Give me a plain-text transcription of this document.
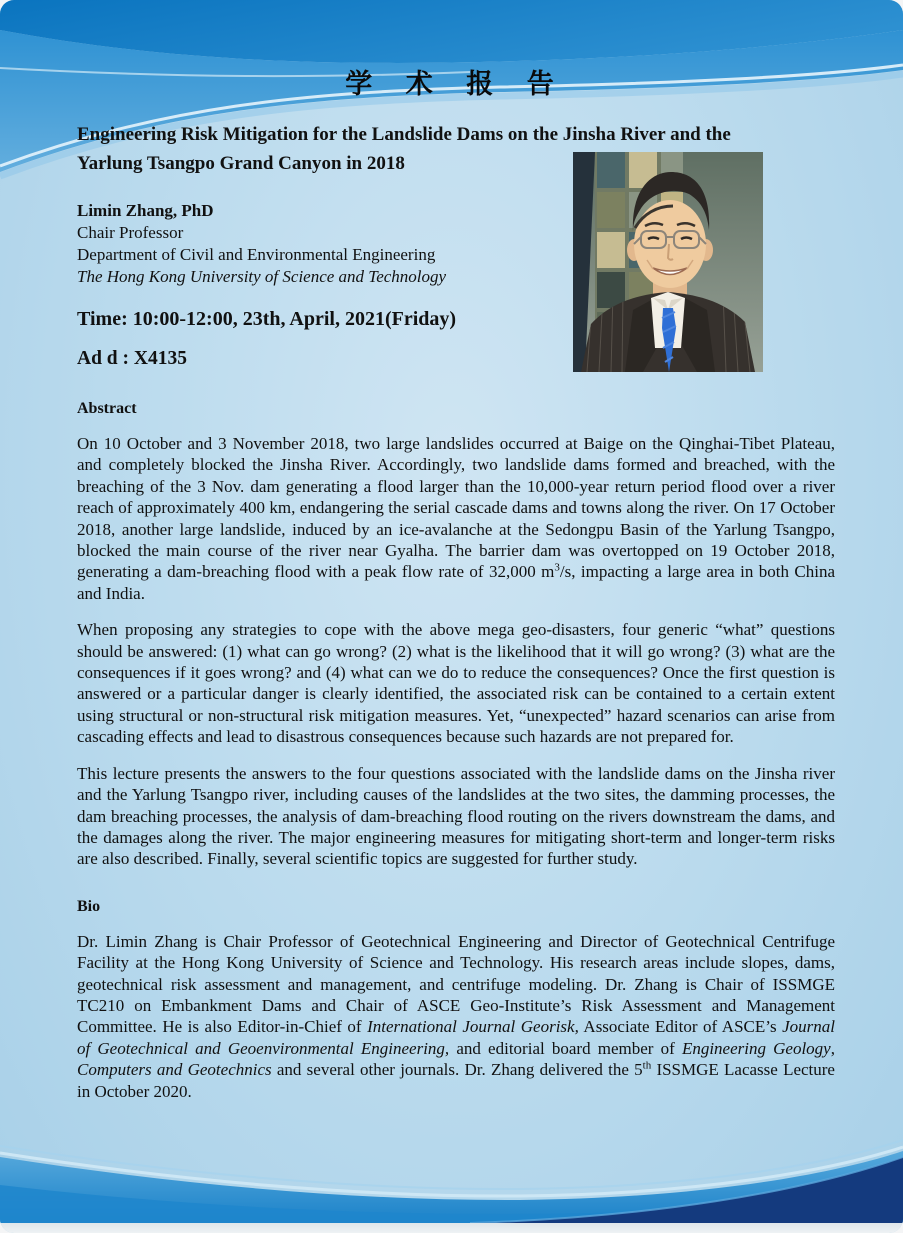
学 术 报 告
Engineering Risk Mitigation for the Landslide Dams on the Jinsha River and the
Yarlung Tsangpo Grand Canyon in 2018
Limin Zhang, PhD
Chair Professor
Department of Civil and Environmental Engineering
The Hong Kong University of Science and Technology
Time: 10:00-12:00, 23th, April, 2021(Friday)
Ad d : X4135
Abstract

On 10 October and 3 November 2018, two large landslides occurred at Baige on the Qinghai-Tibet Plateau, and completely blocked the Jinsha River. Accordingly, two landslide dams formed and breached, with the breaching of the 3 Nov. dam generating a flood larger than the 10,000-year return period flood over a river reach of approximately 400 km, endangering the serial cascade dams and towns along the river. On 17 October 2018, another large landslide, induced by an ice-avalanche at the Sedongpu Basin of the Yarlung Tsangpo, blocked the main course of the river near Gyalha. The barrier dam was overtopped on 19 October 2018, generating a dam-breaching flood with a peak flow rate of 32,000 $m^3/s$, impacting a large area in both China and India.

When proposing any strategies to cope with the above mega geo-disasters, four generic “what” questions should be answered: (1) what can go wrong? (2) what is the likelihood that it will go wrong? (3) what are the consequences if it goes wrong? and (4) what can we do to reduce the consequences? Once the first question is answered or a particular danger is clearly identified, the associated risk can be contained to a certain extent using structural or non-structural risk mitigation measures. Yet, “unexpected” hazard scenarios can arise from cascading effects and lead to disastrous consequences because such hazards are not prepared for.

This lecture presents the answers to the four questions associated with the landslide dams on the Jinsha river and the Yarlung Tsangpo river, including causes of the landslides at the two sites, the damming processes, the dam breaching processes, the analysis of dam-breaching flood routing on the rivers downstream the dams, and the damages along the river. The major engineering measures for mitigating short-term and longer-term risks are also described. Finally, several scientific topics are suggested for further study.

Bio

Dr. Limin Zhang is Chair Professor of Geotechnical Engineering and Director of Geotechnical Centrifuge Facility at the Hong Kong University of Science and Technology. His research areas include slopes, dams, geotechnical risk assessment and management, and centrifuge modeling. Dr. Zhang is Chair of ISSMGE TC210 on Embankment Dams and Chair of ASCE Geo-Institute’s Risk Assessment and Management Committee. He is also Editor-in-Chief of International Journal Georisk, Associate Editor of ASCE’s Journal of Geotechnical and Geoenvironmental Engineering, and editorial board member of Engineering Geology, Computers and Geotechnics and several other journals. Dr. Zhang delivered the 5th ISSMGE Lacasse Lecture in October 2020.
